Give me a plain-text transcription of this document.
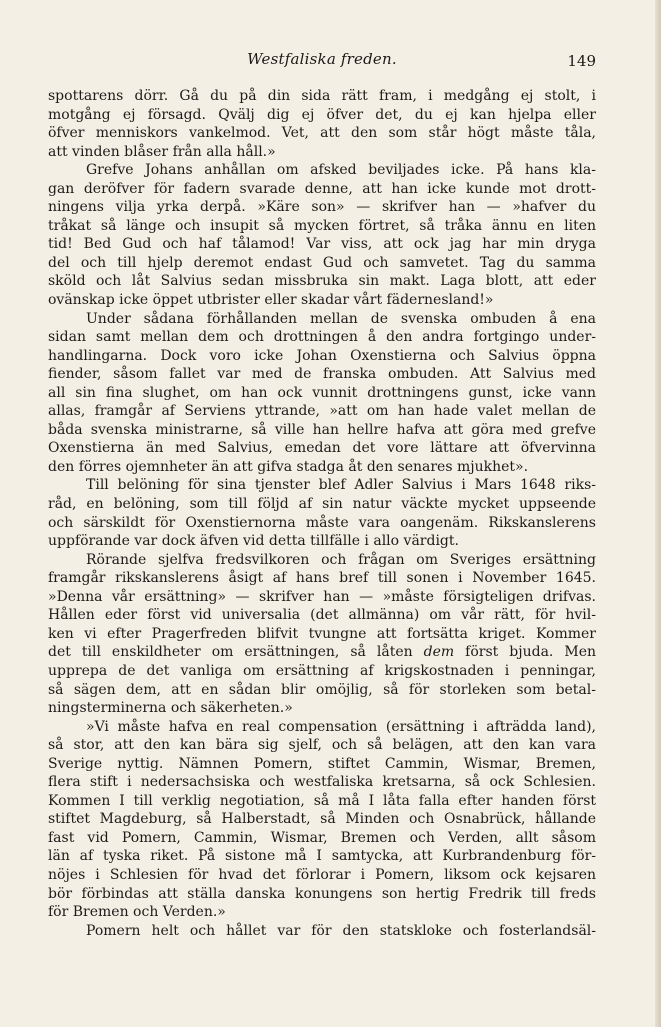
Westfaliska freden.	149
spottarens dörr. Gå du på din sida rätt fram, i medgång ej stolt, i
motgång ej försagd. Qvälj dig ej öfver det, du ej kan hjelpa eller
öfver menniskors vankelmod. Vet, att den som står högt måste tåla,
att vinden blåser från alla håll.»
Grefve Johans anhållan om afsked beviljades icke. På hans kla-
gan deröfver för fadern svarade denne, att han icke kunde mot drott-
ningens vilja yrka derpå. »Käre son» — skrifver han — »hafver du
tråkat så länge och insupit så mycken förtret, så tråka ännu en liten
tid! Bed Gud och haf tålamod! Var viss, att ock jag har min dryga
del och till hjelp deremot endast Gud och samvetet. Tag du samma
sköld och låt Salvius sedan missbruka sin makt. Laga blott, att eder
ovänskap icke öppet utbrister eller skadar vårt fädernesland!»
Under sådana förhållanden mellan de svenska ombuden å ena
sidan samt mellan dem och drottningen å den andra fortgingo under-
handlingarna. Dock voro icke Johan Oxenstierna och Salvius öppna
fiender, såsom fallet var med de franska ombuden. Att Salvius med
all sin fina slughet, om han ock vunnit drottningens gunst, icke vann
allas, framgår af Serviens yttrande, »att om han hade valet mellan de
båda svenska ministrarne, så ville han hellre hafva att göra med grefve
Oxenstierna än med Salvius, emedan det vore lättare att öfvervinna
den förres ojemnheter än att gifva stadga åt den senares mjukhet».
Till belöning för sina tjenster blef Adler Salvius i Mars 1648 riks-
råd, en belöning, som till följd af sin natur väckte mycket uppseende
och särskildt för Oxenstiernorna måste vara oangenäm. Rikskanslerens
uppförande var dock äfven vid detta tillfälle i allo värdigt.
Rörande sjelfva fredsvilkoren och frågan om Sveriges ersättning
framgår rikskanslerens åsigt af hans bref till sonen i November 1645.
»Denna vår ersättning» — skrifver han — »måste försigteligen drifvas.
Hållen eder först vid universalia (det allmänna) om vår rätt, för hvil-
ken vi efter Pragerfreden blifvit tvungne att fortsätta kriget. Kommer
det till enskildheter om ersättningen, så låten dem först bjuda. Men
upprepa de det vanliga om ersättning af krigskostnaden i penningar,
så sägen dem, att en sådan blir omöjlig, så för storleken som betal-
ningsterminerna och säkerheten.»
»Vi måste hafva en real compensation (ersättning i afträdda land),
så stor, att den kan bära sig sjelf, och så belägen, att den kan vara
Sverige nyttig. Nämnen Pomern, stiftet Cammin, Wismar, Bremen,
flera stift i nedersachsiska och westfaliska kretsarna, så ock Schlesien.
Kommen I till verklig negotiation, så må I låta falla efter handen först
stiftet Magdeburg, så Halberstadt, så Minden och Osnabrück, hållande
fast vid Pomern, Cammin, Wismar, Bremen och Verden, allt såsom
län af tyska riket. På sistone må I samtycka, att Kurbrandenburg för-
nöjes i Schlesien för hvad det förlorar i Pomern, liksom ock kejsaren
bör förbindas att ställa danska konungens son hertig Fredrik till freds
för Bremen och Verden.»
Pomern helt och hållet var för den statskloke och fosterlandsäl-
